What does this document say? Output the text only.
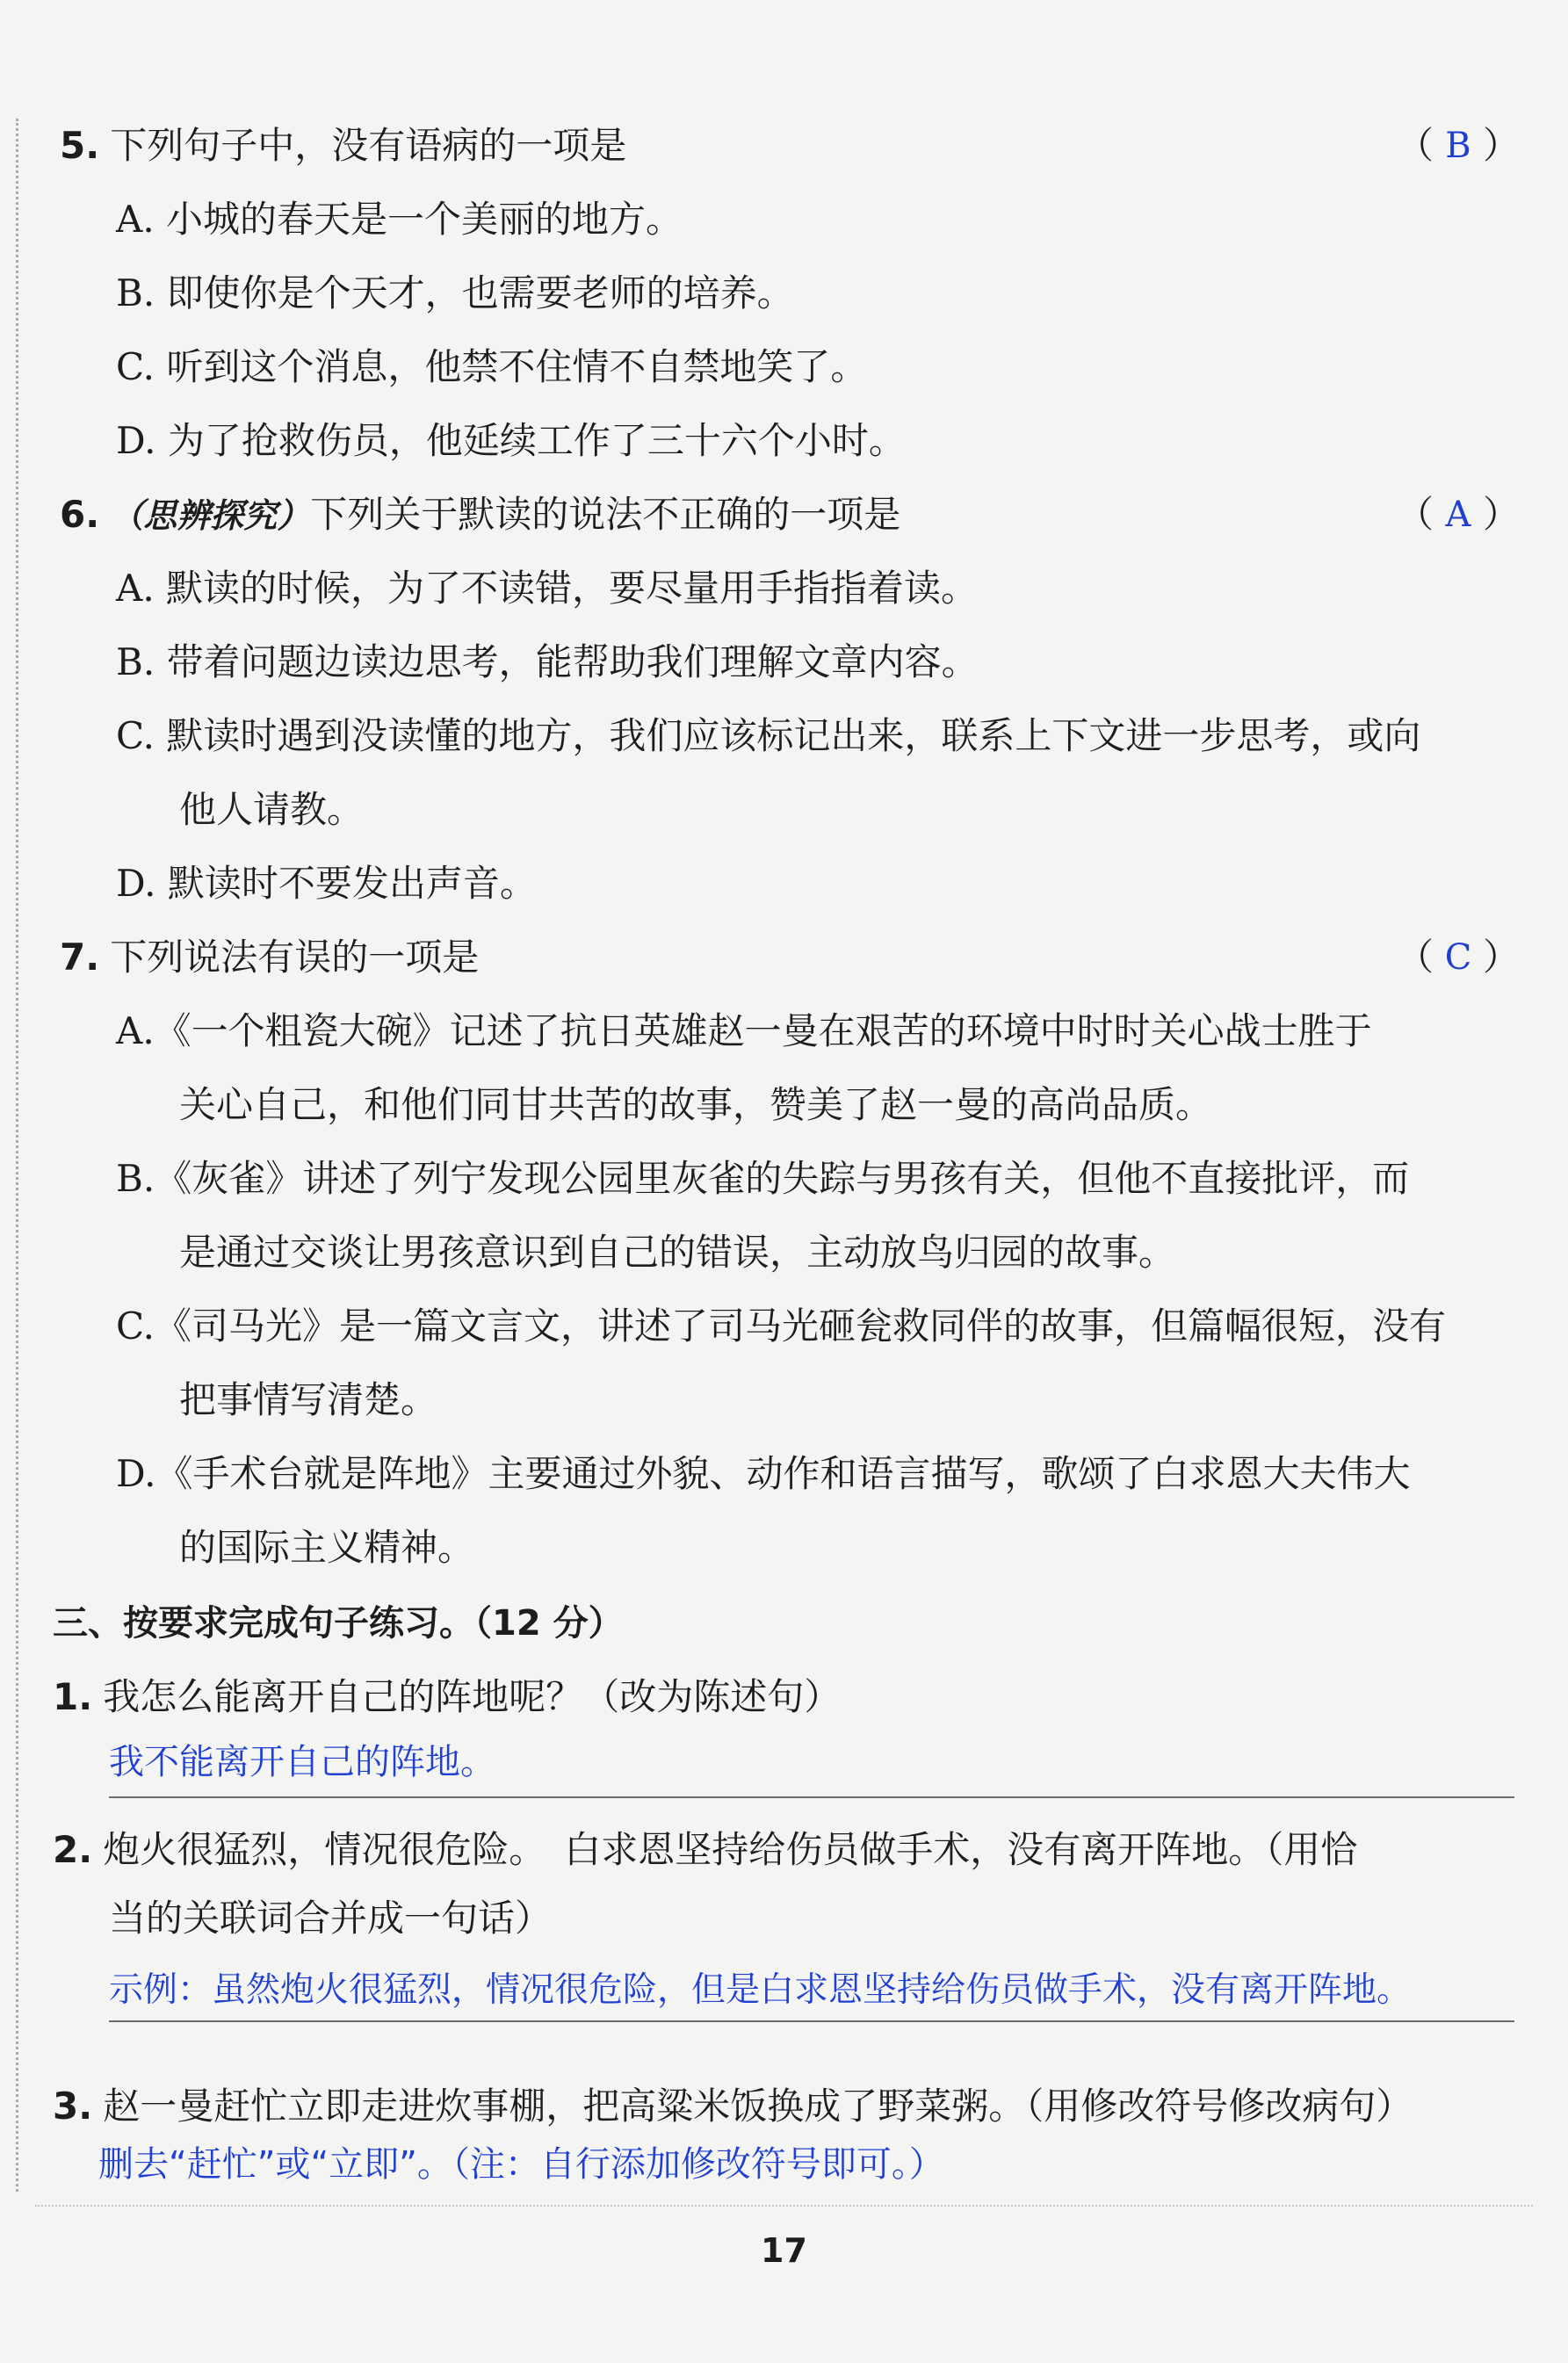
5. 下列句子中，没有语病的一项是	（ B ）
A. 小城的春天是一个美丽的地方。
B. 即使你是个天才，也需要老师的培养。
C. 听到这个消息，他禁不住情不自禁地笑了。
D. 为了抢救伤员，他延续工作了三十六个小时。
6. （思辨探究）下列关于默读的说法不正确的一项是	（ A ）
A. 默读的时候，为了不读错，要尽量用手指指着读。
B. 带着问题边读边思考，能帮助我们理解文章内容。
C. 默读时遇到没读懂的地方，我们应该标记出来，联系上下文进一步思考，或向
他人请教。
D. 默读时不要发出声音。
7. 下列说法有误的一项是	（ C ）
A.《一个粗瓷大碗》记述了抗日英雄赵一曼在艰苦的环境中时时关心战士胜于
关心自己，和他们同甘共苦的故事，赞美了赵一曼的高尚品质。
B.《灰雀》讲述了列宁发现公园里灰雀的失踪与男孩有关，但他不直接批评，而
是通过交谈让男孩意识到自己的错误，主动放鸟归园的故事。
C.《司马光》是一篇文言文，讲述了司马光砸瓮救同伴的故事，但篇幅很短，没有
把事情写清楚。
D.《手术台就是阵地》主要通过外貌、动作和语言描写，歌颂了白求恩大夫伟大
的国际主义精神。
三、按要求完成句子练习。（12 分）
1. 我怎么能离开自己的阵地呢？（改为陈述句）
我不能离开自己的阵地。
2. 炮火很猛烈，情况很危险。　白求恩坚持给伤员做手术，没有离开阵地。（用恰
当的关联词合并成一句话）
示例：虽然炮火很猛烈，情况很危险，但是白求恩坚持给伤员做手术，没有离开阵地。
3. 赵一曼赶忙立即走进炊事棚，把高粱米饭换成了野菜粥。（用修改符号修改病句）
删去“赶忙”或“立即”。（注：自行添加修改符号即可。）
17
